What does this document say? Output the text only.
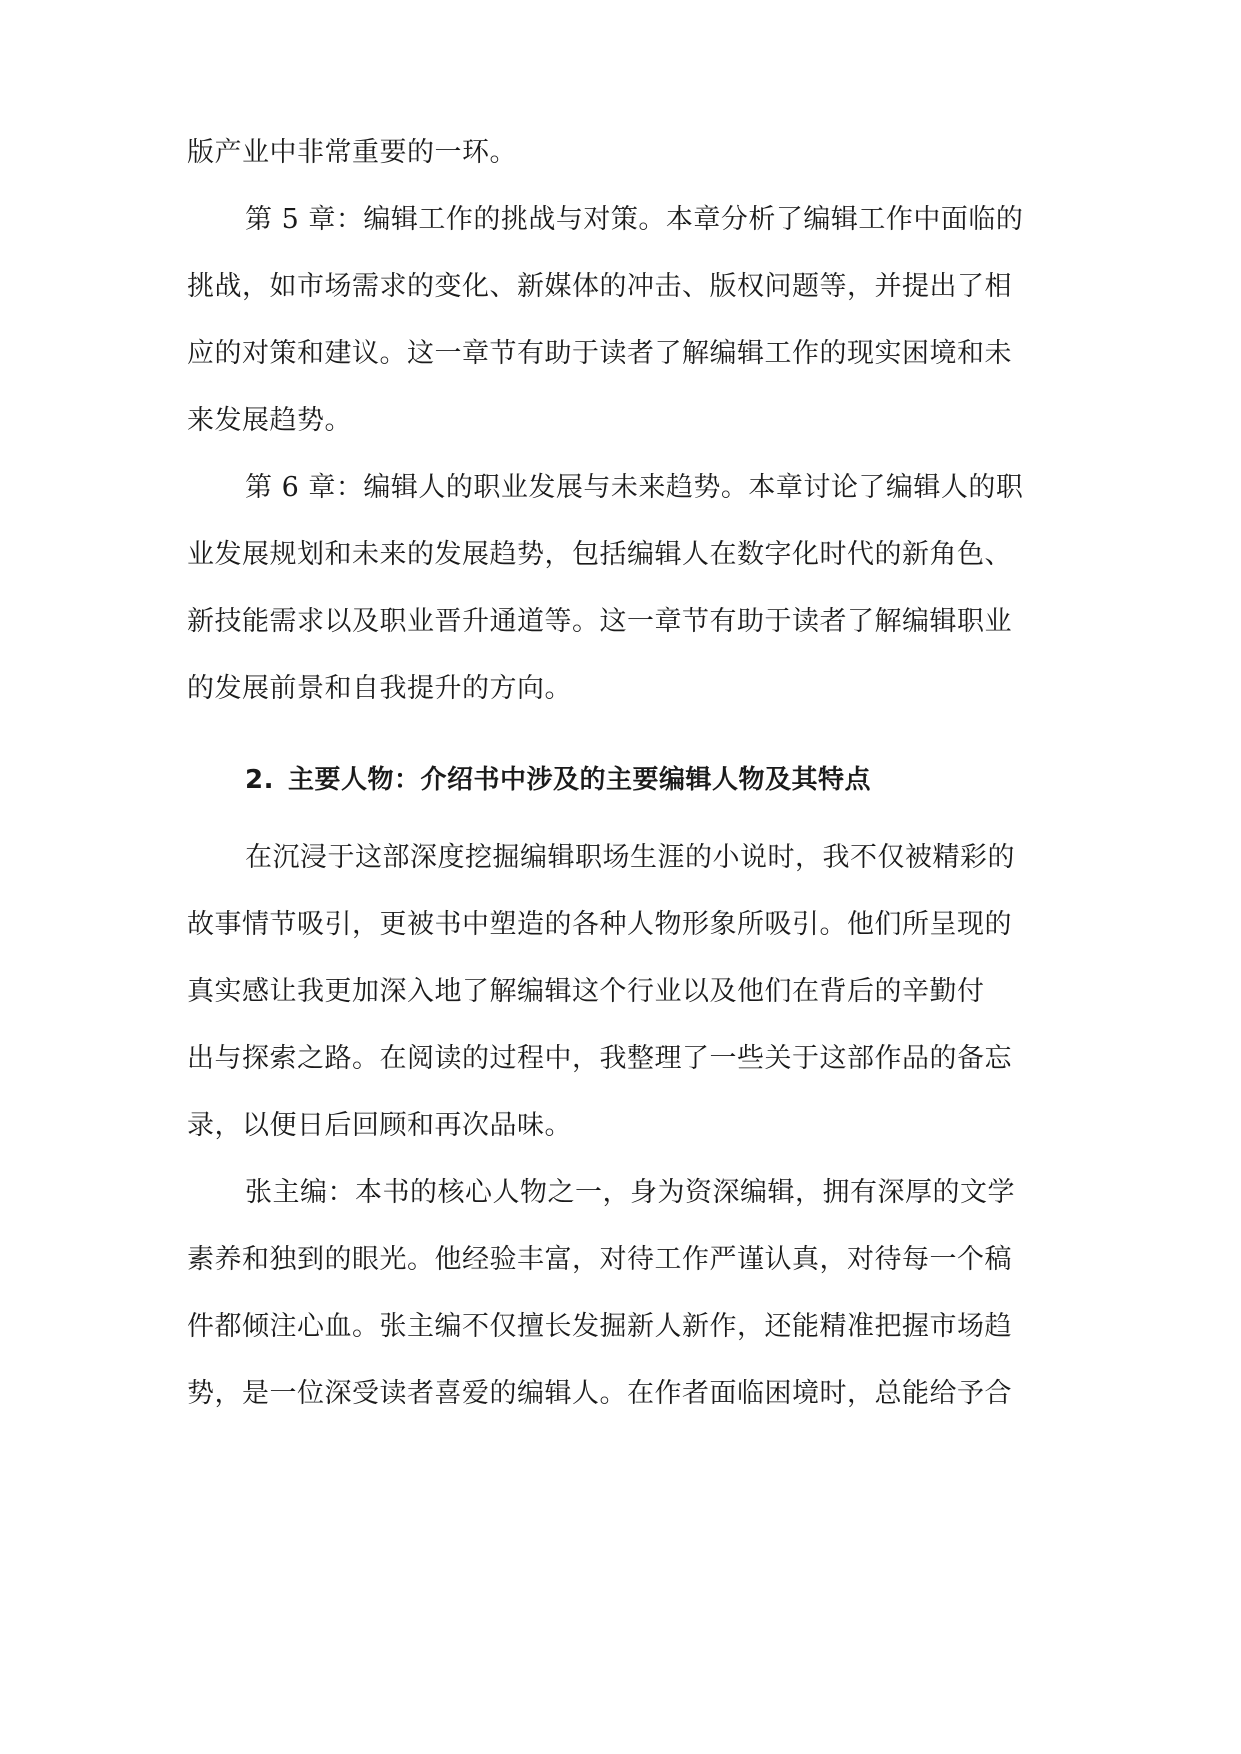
版产业中非常重要的一环。
第 5 章：编辑工作的挑战与对策。本章分析了编辑工作中面临的
挑战，如市场需求的变化、新媒体的冲击、版权问题等，并提出了相
应的对策和建议。这一章节有助于读者了解编辑工作的现实困境和未
来发展趋势。
第 6 章：编辑人的职业发展与未来趋势。本章讨论了编辑人的职
业发展规划和未来的发展趋势，包括编辑人在数字化时代的新角色、
新技能需求以及职业晋升通道等。这一章节有助于读者了解编辑职业
的发展前景和自我提升的方向。
2. 主要人物：介绍书中涉及的主要编辑人物及其特点
在沉浸于这部深度挖掘编辑职场生涯的小说时，我不仅被精彩的
故事情节吸引，更被书中塑造的各种人物形象所吸引。他们所呈现的
真实感让我更加深入地了解编辑这个行业以及他们在背后的辛勤付
出与探索之路。在阅读的过程中，我整理了一些关于这部作品的备忘
录，以便日后回顾和再次品味。
张主编：本书的核心人物之一，身为资深编辑，拥有深厚的文学
素养和独到的眼光。他经验丰富，对待工作严谨认真，对待每一个稿
件都倾注心血。张主编不仅擅长发掘新人新作，还能精准把握市场趋
势，是一位深受读者喜爱的编辑人。在作者面临困境时，总能给予合
